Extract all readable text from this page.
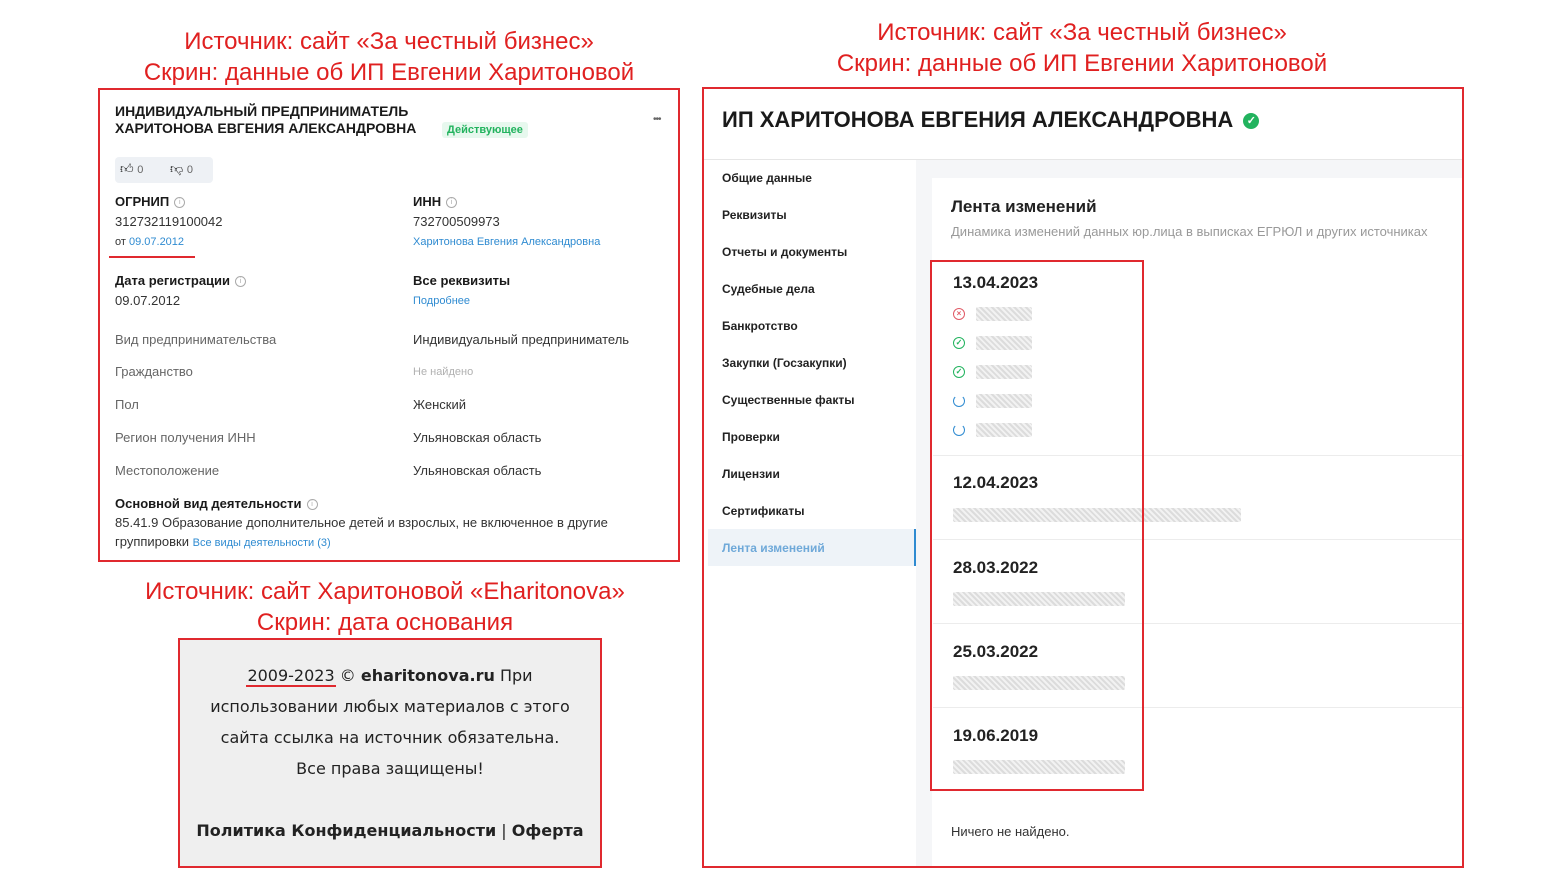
Источник: сайт «За честный бизнес»
Скрин: данные об ИП Евгении Харитоновой
Источник: сайт «За честный бизнес»
Скрин: данные об ИП Евгении Харитоновой
Источник: сайт Харитоновой «Eharitonova»
Скрин: дата основания
ИНДИВИДУАЛЬНЫЙ ПРЕДПРИНИМАТЕЛЬ
ХАРИТОНОВА ЕВГЕНИЯ АЛЕКСАНДРОВНА	Действующее
•••
👍︎ 0 👎︎ 0
ОГРНИП i
312732119100042
от 09.07.2012
ИНН i
732700509973
Харитонова Евгения Александровна
Дата регистрации i
09.07.2012
Все реквизиты
Подробнее
Вид предпринимательства	Индивидуальный предприниматель
Гражданство	Не найдено
Пол	Женский
Регион получения ИНН	Ульяновская область
Местоположение	Ульяновская область
Основной вид деятельности i
85.41.9 Образование дополнительное детей и взрослых, не включенное в другие
группировки Все виды деятельности (3)
2009-2023 © eharitonova.ru При
использовании любых материалов с этого
сайта ссылка на источник обязательна.
Все права защищены!
Политика Конфиденциальности | Оферта
ИП ХАРИТОНОВА ЕВГЕНИЯ АЛЕКСАНДРОВНА ✓
Общие данные
Реквизиты
Отчеты и документы
Судебные дела
Банкротство
Закупки (Госзакупки)
Существенные факты
Проверки
Лицензии
Сертификаты
Лента изменений
Лента изменений
Динамика изменений данных юр.лица в выписках ЕГРЮЛ и других источниках
13.04.2023
×
✓
✓
12.04.2023
28.03.2022
25.03.2022
19.06.2019
Ничего не найдено.
